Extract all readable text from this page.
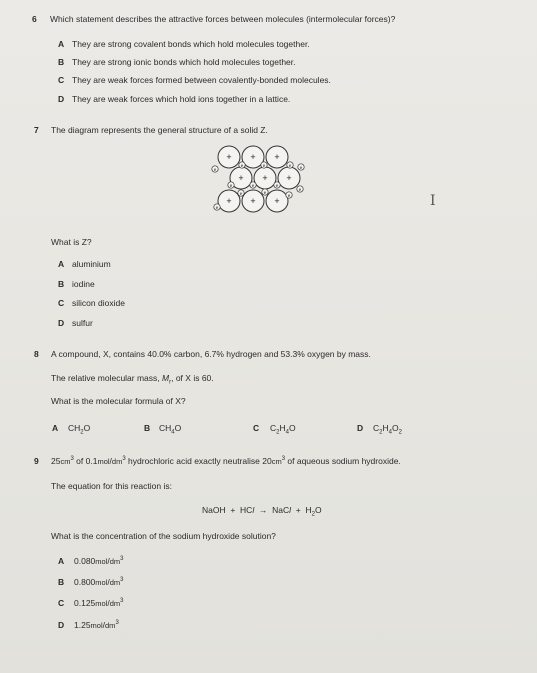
6 Which statement describes the attractive forces between molecules (intermolecular forces)?
A They are strong covalent bonds which hold molecules together.
B They are strong ionic bonds which hold molecules together.
C They are weak forces formed between covalently-bonded molecules.
D They are weak forces which hold ions together in a lattice.
7 The diagram represents the general structure of a solid Z.
+ + +
+ + +
+ + +
e
e	e	e e
e	e	e
e
e	e
e
e	Ⅰ
What is Z?
A aluminium
B iodine
C silicon dioxide
D sulfur
8 A compound, X, contains 40.0% carbon, 6.7% hydrogen and 53.3% oxygen by mass.
The relative molecular mass, $M_r$, of X is 60.
What is the molecular formula of X?
A $CH_2O$	B $CH_4O$	C $C_2H_4O$	D $C_2H_4O_2$
9 $25cm^3$ of $0.1mol/dm^3$ hydrochloric acid exactly neutralise $20cm^3$ of aqueous sodium hydroxide.
The equation for this reaction is:
NaOH  +  HCl  →  NaCl  +  $H_2O$
What is the concentration of the sodium hydroxide solution?
A $0.080mol/dm^3$
B $0.800mol/dm^3$
C $0.125mol/dm^3$
D $1.25mol/dm^3$
